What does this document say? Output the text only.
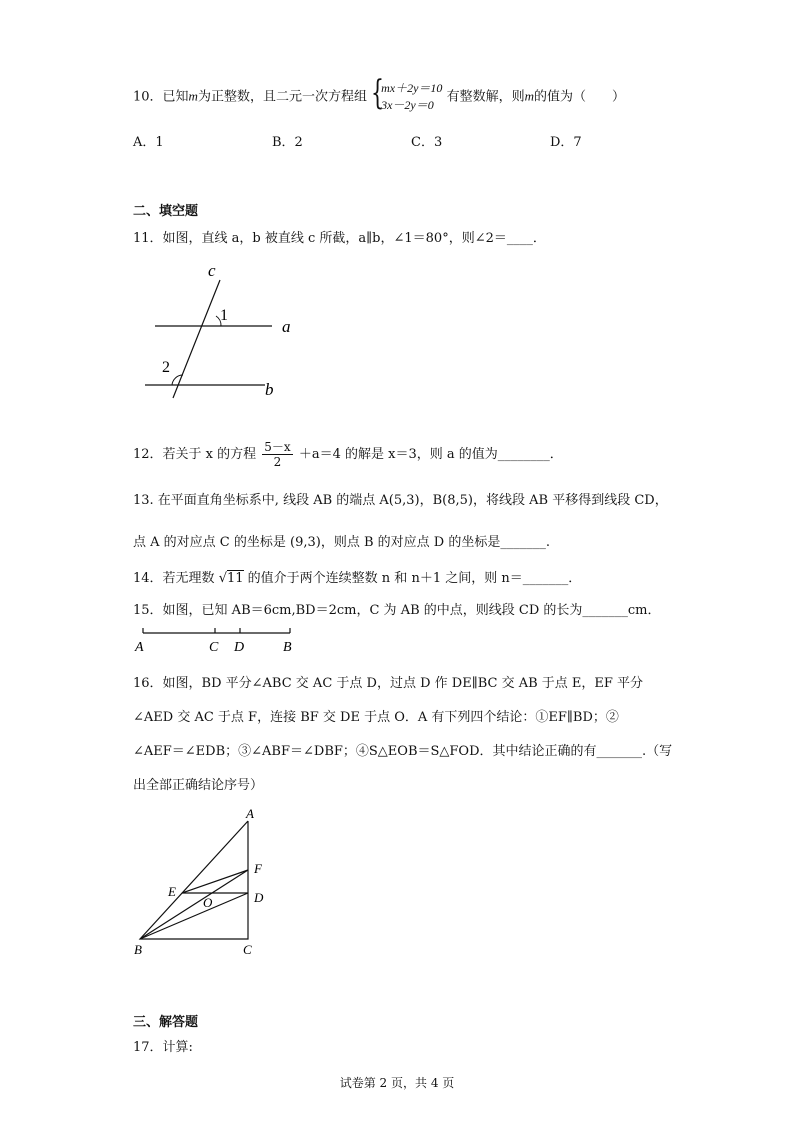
10．已知m为正整数，且二元一次方程组 {
mx＋2y＝10
3x－2y＝0
有整数解，则m的值为（　　）
A．1	B．2	C．3	D．7
二、填空题
11．如图，直线 a，b 被直线 c 所截，a∥b，∠1＝80°，则∠2＝____．
c
a
b
1
2
12．若关于 x 的方程 $\frac{5-x}{2} +a=4$ 的解是 x＝3，则 a 的值为________．
13. 在平面直角坐标系中, 线段 AB 的端点 A(5,3)，B(8,5)，将线段 AB 平移得到线段 CD，
点 A 的对应点 C 的坐标是 (9,3)，则点 B 的对应点 D 的坐标是_______.
14．若无理数 √11 的值介于两个连续整数 n 和 n＋1 之间，则 n＝_______．
15．如图，已知 AB＝6cm,BD＝2cm，C 为 AB 的中点，则线段 CD 的长为_______cm．
A	C D	B
16．如图，BD 平分∠ABC 交 AC 于点 D，过点 D 作 DE∥BC 交 AB 于点 E，EF 平分
∠AED 交 AC 于点 F，连接 BF 交 DE 于点 O．A 有下列四个结论：①EF∥BD；②
∠AEF＝∠EDB；③∠ABF＝∠DBF；④S△EOB＝S△FOD．其中结论正确的有_______.（写
出全部正确结论序号）
A
F
E
O	D
B	C
三、解答题
17．计算:
试卷第 2 页，共 4 页
